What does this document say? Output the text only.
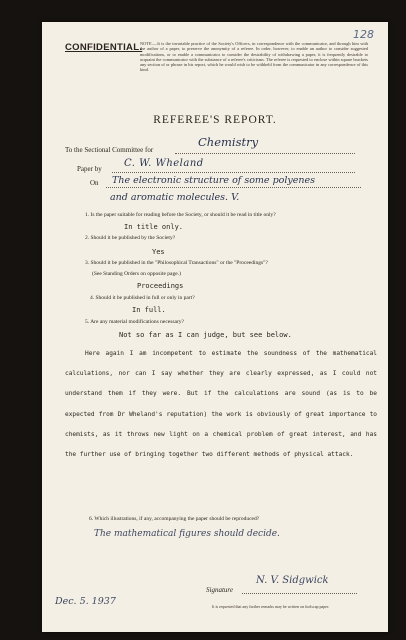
128
CONFIDENTIAL.
NOTE.—It is the invariable practice of the Society's Officers, in correspondence with the communicator, and through him with the author of a paper, to preserve the anonymity of a referee. In order, however, to enable an author to consider suggested modifications, or to enable a communicator to consider the desirability of withdrawing a paper, it is frequently desirable to acquaint the communicator with the substance of a referee's criticisms. The referee is requested to enclose within square brackets any section of or phrase in his report, which he would wish to be withheld from the communicator in any correspondence of this kind.
REFEREE'S REPORT.
To the Sectional Committee for
Chemistry
Paper by C. W. Wheland
On The electronic structure of some polyenes
and aromatic molecules. V.
1. Is the paper suitable for reading before the Society, or should it be read in title only?
In title only.
2. Should it be published by the Society?
Yes
3. Should it be published in the "Philosophical Transactions" or the "Proceedings"?
(See Standing Orders on opposite page.)
Proceedings
4. Should it be published in full or only in part?
In full.
5. Are any material modifications necessary?
Not so far as I can judge, but see below.

Here again I am incompetent to estimate the soundness of the mathematical calculations, nor can I say whether they are clearly expressed, as I could not understand them if they were. But if the calculations are sound (as is to be expected from Dr Wheland's reputation) the work is obviously of great importance to chemists, as it throws new light on a chemical problem of great interest, and has the further use of bringing together two different methods of physical attack.

6. Which illustrations, if any, accompanying the paper should be reproduced?
The mathematical figures should decide.
Signature
N. V. Sidgwick
Dec. 5. 1937	It is requested that any further remarks may be written on foolscap paper.
